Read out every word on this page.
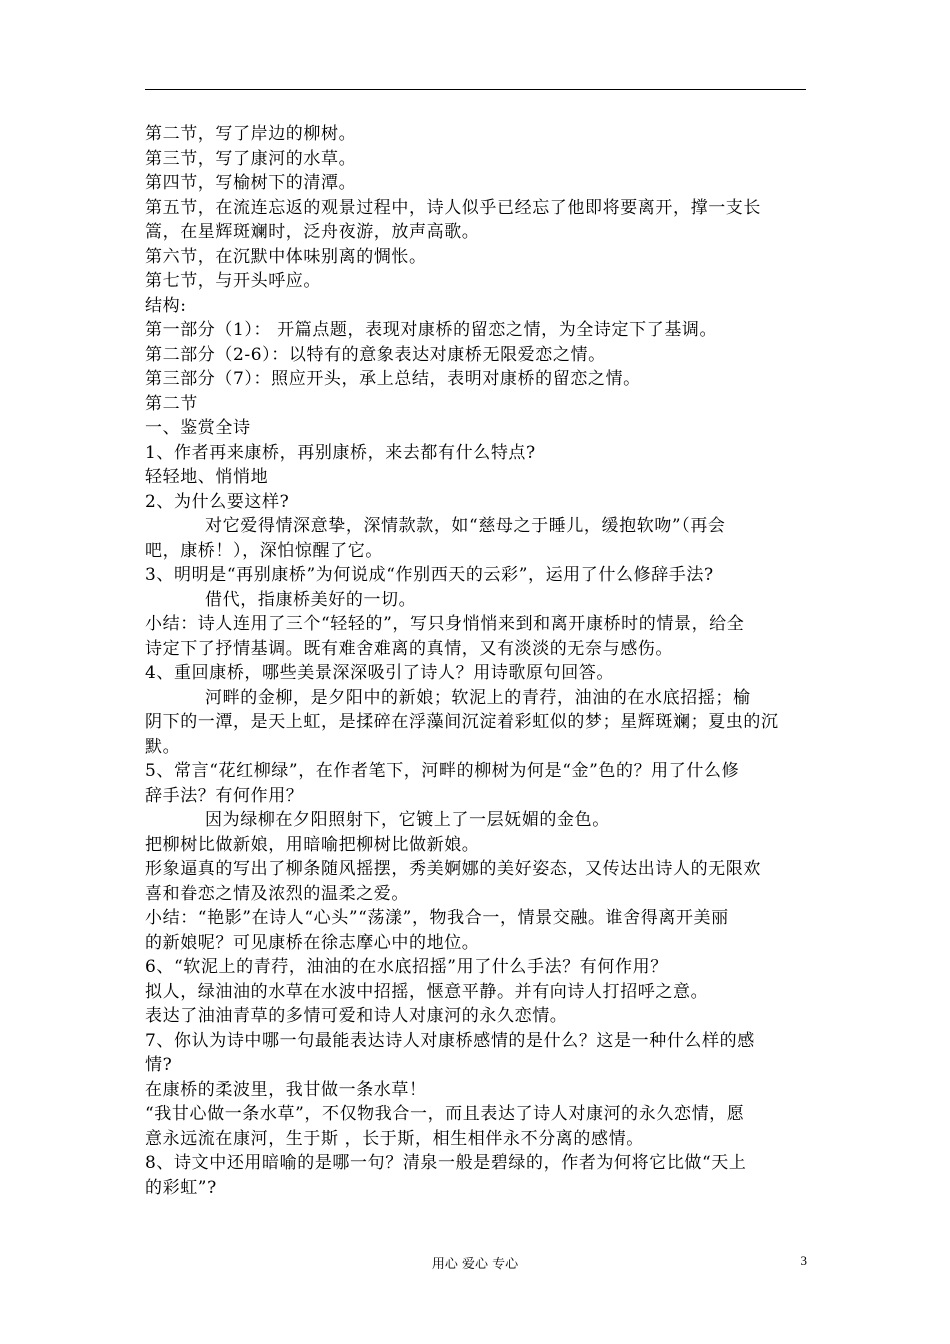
第二节，写了岸边的柳树。
第三节，写了康河的水草。
第四节，写榆树下的清潭。
第五节，在流连忘返的观景过程中，诗人似乎已经忘了他即将要离开，撑一支长
篙，在星辉斑斓时，泛舟夜游，放声高歌。
第六节，在沉默中体味别离的惆怅。
第七节，与开头呼应。
结构:
第一部分（1）： 开篇点题，表现对康桥的留恋之情，为全诗定下了基调。
第二部分（2-6）：以特有的意象表达对康桥无限爱恋之情。
第三部分（7）：照应开头，承上总结，表明对康桥的留恋之情。
第二节
一、鉴赏全诗
1、作者再来康桥，再别康桥，来去都有什么特点?
轻轻地、悄悄地
2、为什么要这样?
对它爱得情深意挚，深情款款，如“慈母之于睡儿，缓抱软吻”（再会
吧，康桥！），深怕惊醒了它。
3、明明是“再别康桥”为何说成“作别西天的云彩”，运用了什么修辞手法?
借代，指康桥美好的一切。
小结：诗人连用了三个“轻轻的”，写只身悄悄来到和离开康桥时的情景，给全
诗定下了抒情基调。既有难舍难离的真情，又有淡淡的无奈与感伤。
4、重回康桥，哪些美景深深吸引了诗人？用诗歌原句回答。
河畔的金柳，是夕阳中的新娘；软泥上的青荇，油油的在水底招摇；榆
阴下的一潭，是天上虹，是揉碎在浮藻间沉淀着彩虹似的梦；星辉斑斓；夏虫的沉
默。
5、常言“花红柳绿”，在作者笔下，河畔的柳树为何是“金”色的？用了什么修
辞手法？有何作用？
因为绿柳在夕阳照射下，它镀上了一层妩媚的金色。
把柳树比做新娘，用暗喻把柳树比做新娘。
形象逼真的写出了柳条随风摇摆，秀美婀娜的美好姿态，又传达出诗人的无限欢
喜和眷恋之情及浓烈的温柔之爱。
小结：“艳影”在诗人“心头”“荡漾”，物我合一，情景交融。谁舍得离开美丽
的新娘呢？可见康桥在徐志摩心中的地位。
6、“软泥上的青荇，油油的在水底招摇”用了什么手法？有何作用？
拟人，绿油油的水草在水波中招摇，惬意平静。并有向诗人打招呼之意。
表达了油油青草的多情可爱和诗人对康河的永久恋情。
7、你认为诗中哪一句最能表达诗人对康桥感情的是什么？这是一种什么样的感
情?
在康桥的柔波里，我甘做一条水草！
“我甘心做一条水草”，不仅物我合一，而且表达了诗人对康河的永久恋情，愿
意永远流在康河，生于斯 ，长于斯，相生相伴永不分离的感情。
8、诗文中还用暗喻的是哪一句？清泉一般是碧绿的，作者为何将它比做“天上
的彩虹”?
用心 爱心 专心	3
